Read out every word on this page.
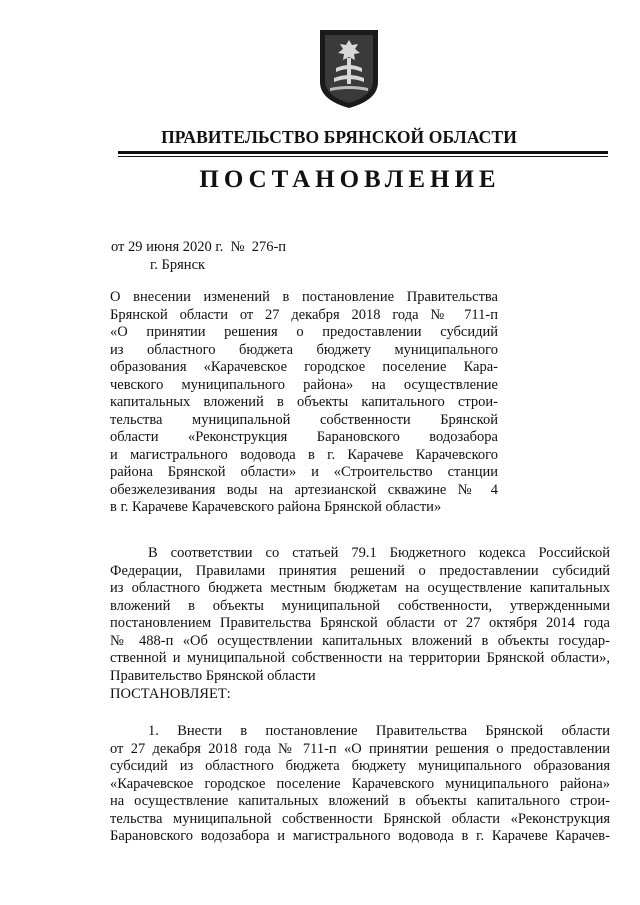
ПРАВИТЕЛЬСТВО БРЯНСКОЙ ОБЛАСТИ
ПОСТАНОВЛЕНИЕ
от 29 июня 2020 г. №  276-п
г. Брянск
О внесении изменений в постановление Правительства
Брянской области от 27 декабря 2018 года № 711-п
«О принятии решения о предоставлении субсидий
из областного бюджета бюджету муниципального
образования «Карачевское городское поселение Кара-
чевского муниципального района» на осуществление
капитальных вложений в объекты капитального строи-
тельства муниципальной собственности Брянской
области «Реконструкция Барановского водозабора
и магистрального водовода в г. Карачеве Карачевского
района Брянской области» и «Строительство станции
обезжелезивания воды на артезианской скважине № 4
в г. Карачеве Карачевского района Брянской области»
В соответствии со статьей 79.1 Бюджетного кодекса Российской
Федерации, Правилами принятия решений о предоставлении субсидий
из областного бюджета местным бюджетам на осуществление капитальных
вложений в объекты муниципальной собственности, утвержденными
постановлением Правительства Брянской области от 27 октября 2014 года
№ 488-п «Об осуществлении капитальных вложений в объекты государ-
ственной и муниципальной собственности на территории Брянской области»,
Правительство Брянской области
ПОСТАНОВЛЯЕТ:
1. Внести в постановление Правительства Брянской области
от 27 декабря 2018 года № 711-п «О принятии решения о предоставлении
субсидий из областного бюджета бюджету муниципального образования
«Карачевское городское поселение Карачевского муниципального района»
на осуществление капитальных вложений в объекты капитального строи-
тельства муниципальной собственности Брянской области «Реконструкция
Барановского водозабора и магистрального водовода в г. Карачеве Карачев-
